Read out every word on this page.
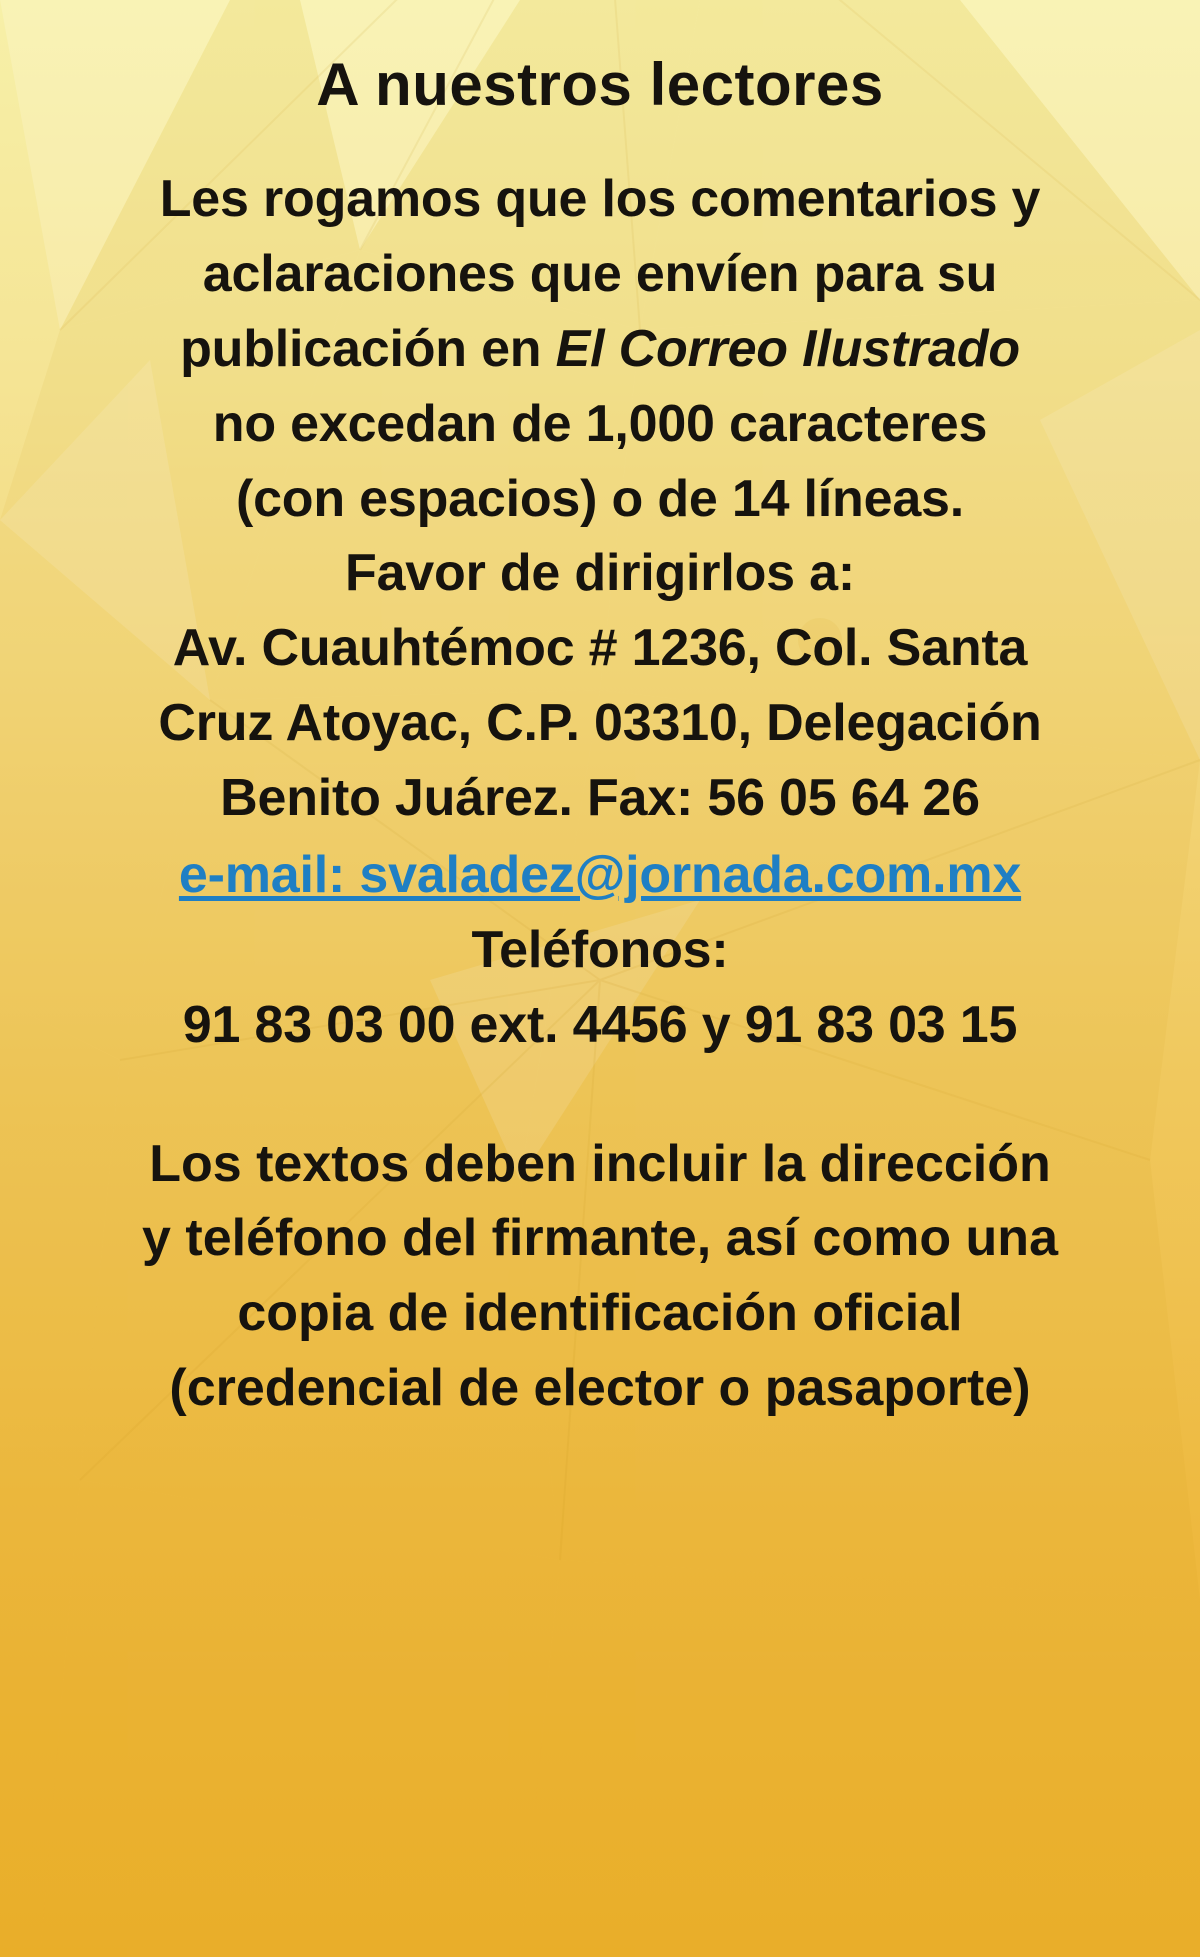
A nuestros lectores

Les rogamos que los comentarios y
aclaraciones que envíen para su
publicación en El Correo Ilustrado
no excedan de 1,000 caracteres
(con espacios) o de 14 líneas.
Favor de dirigirlos a:
Av. Cuauhtémoc # 1236, Col. Santa
Cruz Atoyac, C.P. 03310, Delegación
Benito Juárez. Fax: 56 05 64 26
e-mail: svaladez@jornada.com.mx
Teléfonos:
91 83 03 00 ext. 4456 y 91 83 03 15

Los textos deben incluir la dirección
y teléfono del firmante, así como una
copia de identificación oficial
(credencial de elector o pasaporte)
